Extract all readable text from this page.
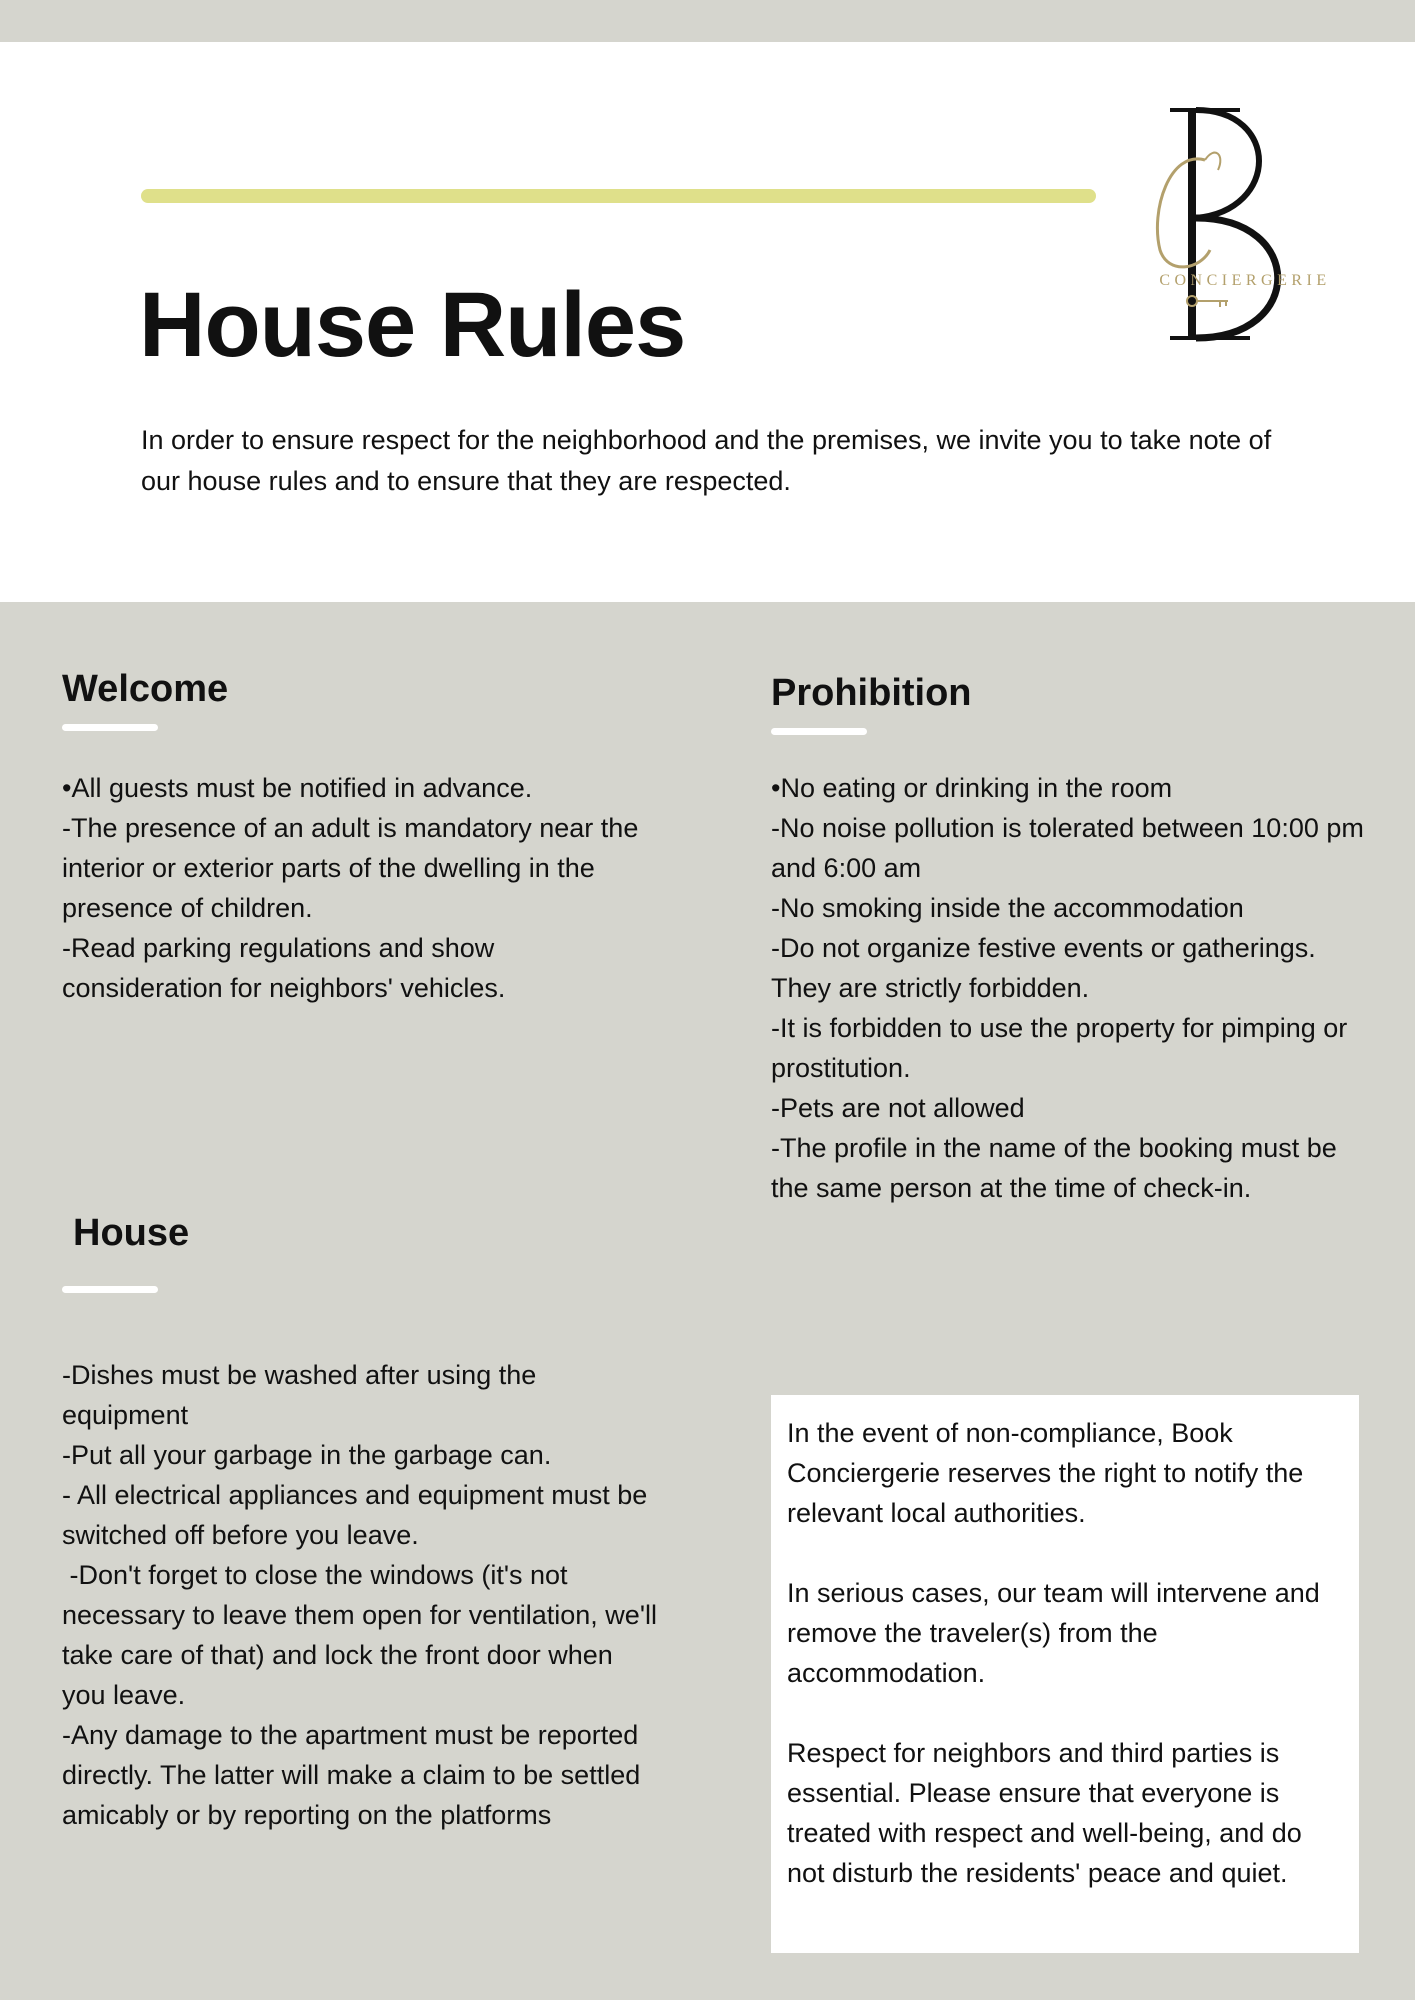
House Rules

In order to ensure respect for the neighborhood and the premises, we invite you to take note of our house rules and to ensure that they are respected.

CONCIERGERIE
Welcome

•All guests must be notified in advance.

-The presence of an adult is mandatory near the interior or exterior parts of the dwelling in the presence of children.

-Read parking regulations and show consideration for neighbors' vehicles.

Prohibition

•No eating or drinking in the room

-No noise pollution is tolerated between 10:00 pm and 6:00 am

-No smoking inside the accommodation

-Do not organize festive events or gatherings. They are strictly forbidden.

-It is forbidden to use the property for pimping or prostitution.

-Pets are not allowed

-The profile in the name of the booking must be the same person at the time of check-in.

House

-Dishes must be washed after using the equipment

-Put all your garbage in the garbage can.

- All electrical appliances and equipment must be switched off before you leave.

-Don't forget to close the windows (it's not necessary to leave them open for ventilation, we'll take care of that) and lock the front door when you leave.

-Any damage to the apartment must be reported directly. The latter will make a claim to be settled amicably or by reporting on the platforms

In the event of non-compliance, Book Conciergerie reserves the right to notify the relevant local authorities.

In serious cases, our team will intervene and remove the traveler(s) from the accommodation.

Respect for neighbors and third parties is essential. Please ensure that everyone is treated with respect and well-being, and do not disturb the residents' peace and quiet.
